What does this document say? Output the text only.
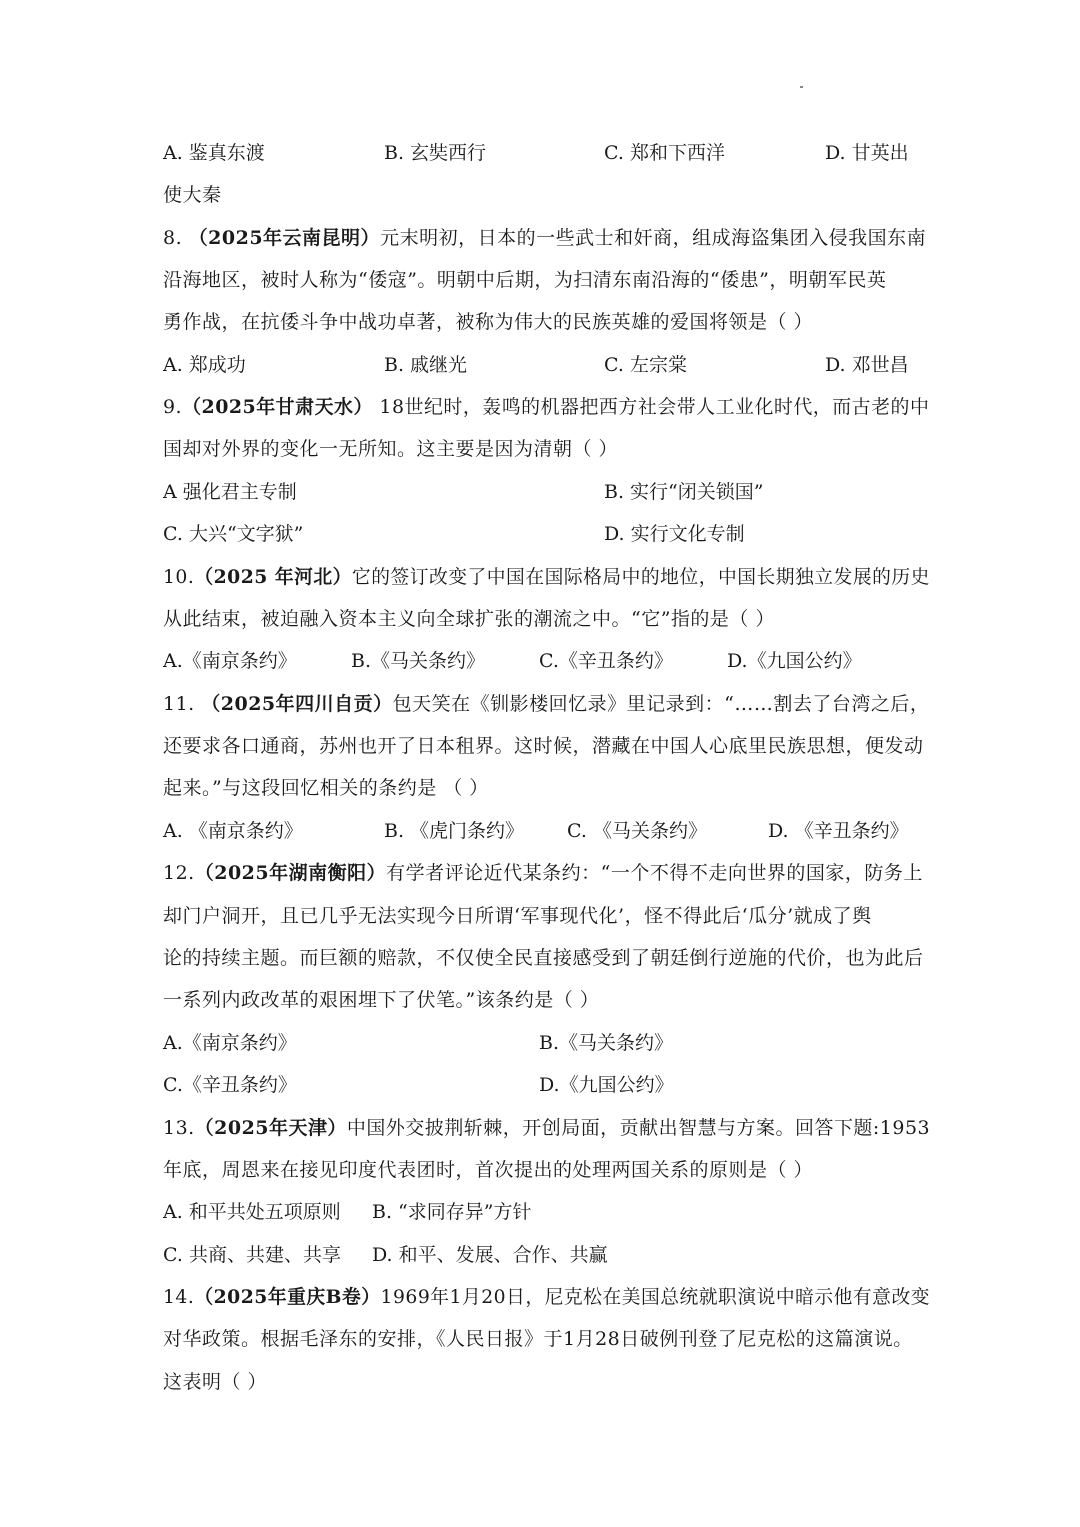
A. 鉴真东渡	B. 玄奘西行	C. 郑和下西洋	D. 甘英出
使大秦
8. （2025年云南昆明）元末明初，日本的一些武士和奸商，组成海盗集团入侵我国东南
沿海地区，被时人称为“倭寇”。明朝中后期，为扫清东南沿海的“倭患”，明朝军民英
勇作战，在抗倭斗争中战功卓著，被称为伟大的民族英雄的爱国将领是（ ）
A. 郑成功	B. 戚继光	C. 左宗棠	D. 邓世昌
9.（2025年甘肃天水） 18世纪时，轰鸣的机器把西方社会带人工业化时代，而古老的中
国却对外界的变化一无所知。这主要是因为清朝（ ）
A 强化君主专制	B. 实行“闭关锁国”
C. 大兴“文字狱”	D. 实行文化专制
10.（2025 年河北）它的签订改变了中国在国际格局中的地位，中国长期独立发展的历史
从此结束，被迫融入资本主义向全球扩张的潮流之中。“它”指的是（ ）
A.《南京条约》	B.《马关条约》	C.《辛丑条约》	D.《九国公约》
11. （2025年四川自贡）包天笑在《钏影楼回忆录》里记录到：“……割去了台湾之后，
还要求各口通商，苏州也开了日本租界。这时候，潜藏在中国人心底里民族思想，便发动
起来。”与这段回忆相关的条约是 （ ）
A. 《南京条约》	B. 《虎门条约》 C. 《马关条约》	D. 《辛丑条约》
12.（2025年湖南衡阳）有学者评论近代某条约：“一个不得不走向世界的国家，防务上
却门户洞开，且已几乎无法实现今日所谓‘军事现代化’，怪不得此后‘瓜分’就成了舆
论的持续主题。而巨额的赔款，不仅使全民直接感受到了朝廷倒行逆施的代价，也为此后
一系列内政改革的艰困埋下了伏笔。”该条约是（ ）
A.《南京条约》	B.《马关条约》
C.《辛丑条约》	D.《九国公约》
13.（2025年天津）中国外交披荆斩棘，开创局面，贡献出智慧与方案。回答下题:1953
年底，周恩来在接见印度代表团时，首次提出的处理两国关系的原则是（ ）
A. 和平共处五项原则 B. “求同存异”方针
C. 共商、共建、共享 D. 和平、发展、合作、共赢
14.（2025年重庆B卷）1969年1月20日，尼克松在美国总统就职演说中暗示他有意改变
对华政策。根据毛泽东的安排，《人民日报》于1月28日破例刊登了尼克松的这篇演说。
这表明（ ）
